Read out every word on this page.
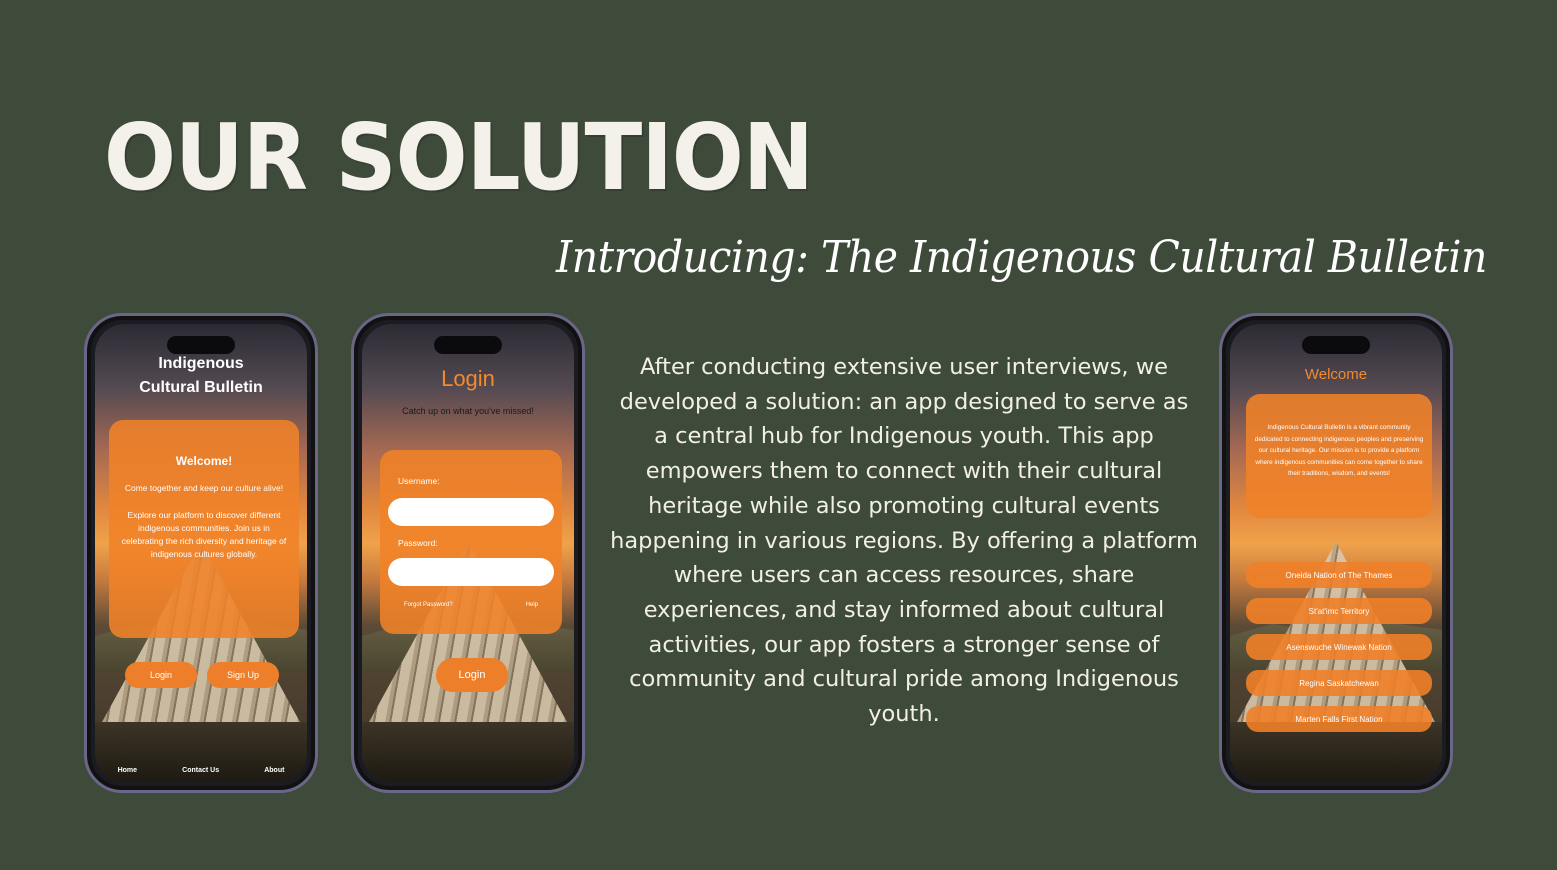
OUR SOLUTION
Introducing: The Indigenous Cultural Bulletin
Indigenous
Cultural Bulletin
Welcome!
Come together and keep our culture alive!
Explore our platform to discover different indigenous communities. Join us in celebrating the rich diversity and heritage of indigenous cultures globally.
Login	Sign Up
Home	Contact Us	About
Login
Catch up on what you've missed!
Username:
Password:
Forgot Password?	Help
Login
After conducting extensive user interviews, we developed a solution: an app designed to serve as a central hub for Indigenous youth. This app empowers them to connect with their cultural heritage while also promoting cultural events happening in various regions. By offering a platform where users can access resources, share experiences, and stay informed about cultural activities, our app fosters a stronger sense of community and cultural pride among Indigenous youth.
Welcome
Indigenous Cultural Bulletin is a vibrant community dedicated to connecting indigenous peoples and preserving our cultural heritage. Our mission is to provide a platform where indigenous communities can come together to share their traditions, wisdom, and events!
Oneida Nation of The Thames
St'at'imc Territory
Asenswuche Winewak Nation
Regina Saskatchewan
Marten Falls First Nation
